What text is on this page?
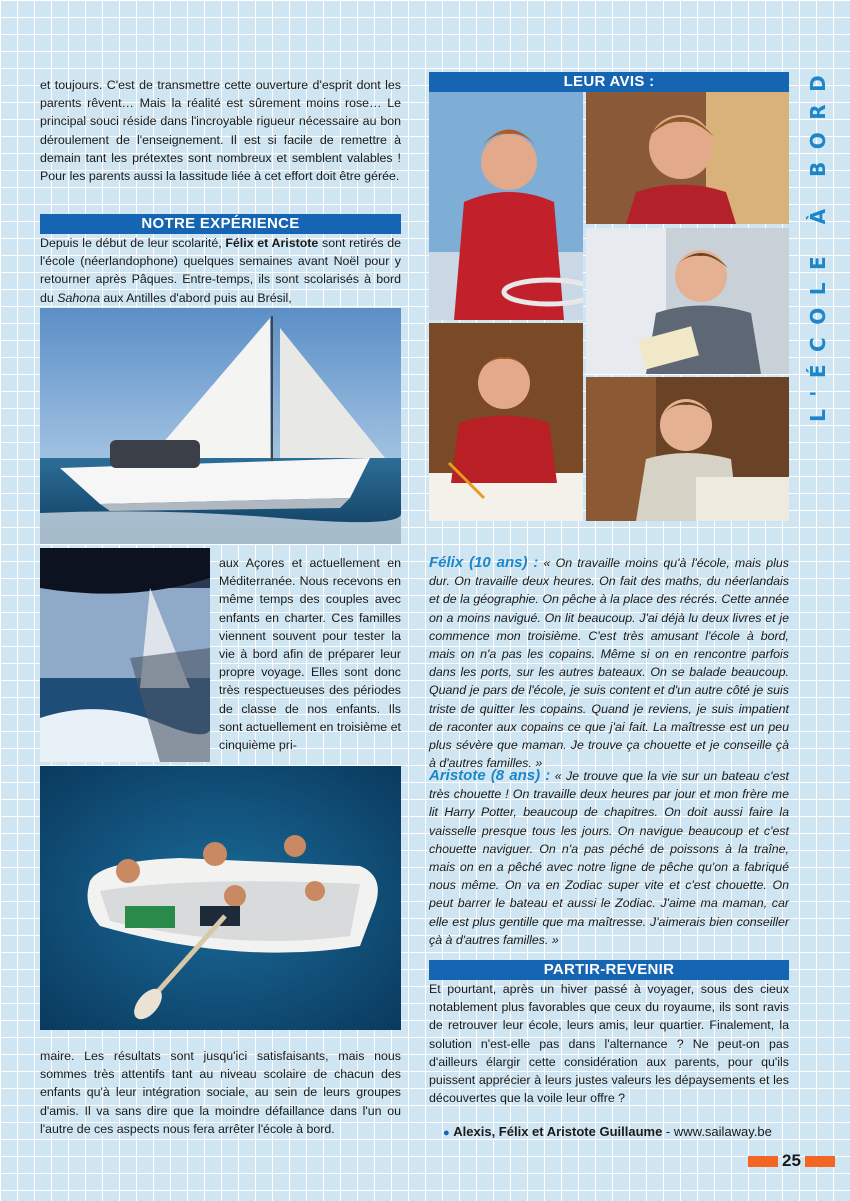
L'ÉCOLE À BORD
et toujours. C'est de transmettre cette ouverture d'esprit dont les parents rêvent… Mais la réalité est sûrement moins rose… Le principal souci réside dans l'incroyable rigueur nécessaire au bon déroulement de l'enseignement. Il est si facile de remettre à demain tant les prétextes sont nombreux et semblent valables ! Pour les parents aussi la lassitude liée à cet effort doit être gérée.
NOTRE EXPÉRIENCE
Depuis le début de leur scolarité, Félix et Aristote sont retirés de l'école (néerlandophone) quelques semaines avant Noël pour y retourner après Pâques. Entre-temps, ils sont scolarisés à bord du Sahona aux Antilles d'abord puis au Brésil,
aux Açores et actuellement en Méditerranée. Nous recevons en même temps des couples avec enfants en charter. Ces familles viennent souvent pour tester la vie à bord afin de préparer leur propre voyage. Elles sont donc très respectueuses des périodes de classe de nos enfants. Ils sont actuellement en troisième et cinquième pri-
maire. Les résultats sont jusqu'ici satisfaisants, mais nous sommes très attentifs tant au niveau scolaire de chacun des enfants qu'à leur intégration sociale, au sein de leurs groupes d'amis. Il va sans dire que la moindre défaillance dans l'un ou l'autre de ces aspects nous fera arrêter l'école à bord.
LEUR AVIS :
Félix (10 ans) : « On travaille moins qu'à l'école, mais plus dur. On travaille deux heures. On fait des maths, du néerlandais et de la géographie. On pêche à la place des récrés. Cette année on a moins navigué. On lit beaucoup. J'ai déjà lu deux livres et je commence mon troisième. C'est très amusant l'école à bord, mais on n'a pas les copains. Même si on en rencontre parfois dans les ports, sur les autres bateaux. On se balade beaucoup. Quand je pars de l'école, je suis content et d'un autre côté je suis triste de quitter les copains. Quand je reviens, je suis impatient de raconter aux copains ce que j'ai fait. La maîtresse est un peu plus sévère que maman. Je trouve ça chouette et je conseille çà à d'autres familles. »
Aristote (8 ans) : « Je trouve que la vie sur un bateau c'est très chouette ! On travaille deux heures par jour et mon frère me lit Harry Potter, beaucoup de chapitres. On doit aussi faire la vaisselle presque tous les jours. On navigue beaucoup et c'est chouette naviguer. On n'a pas péché de poissons à la traîne, mais on en a pêché avec notre ligne de pêche qu'on a fabriqué nous même. On va en Zodiac super vite et c'est chouette. On peut barrer le bateau et aussi le Zodiac. J'aime ma maman, car elle est plus gentille que ma maîtresse. J'aimerais bien conseiller çà à d'autres familles. »
PARTIR-REVENIR
Et pourtant, après un hiver passé à voyager, sous des cieux notablement plus favorables que ceux du royaume, ils sont ravis de retrouver leur école, leurs amis, leur quartier. Finalement, la solution n'est-elle pas dans l'alternance ? Ne peut-on pas d'ailleurs élargir cette considération aux parents, pour qu'ils puissent apprécier à leurs justes valeurs les dépaysements et les découvertes que la voile leur offre ?
● Alexis, Félix et Aristote Guillaume - www.sailaway.be
25
